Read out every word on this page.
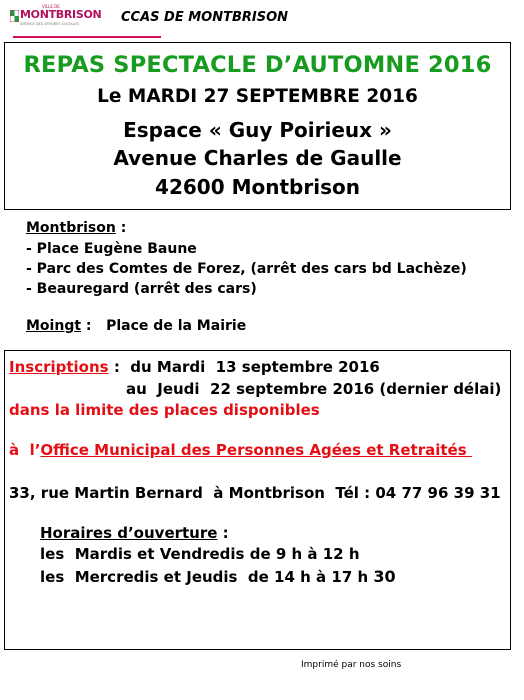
VILLE DE
MONTBRISON
SERVICE DES AFFAIRES SOCIALES	CCAS DE MONTBRISON
REPAS SPECTACLE D’AUTOMNE 2016
Le MARDI 27 SEPTEMBRE 2016
Espace « Guy Poirieux »
Avenue Charles de Gaulle
42600 Montbrison
Montbrison :
- Place Eugène Baune
- Parc des Comtes de Forez, (arrêt des cars bd Lachèze)
- Beauregard (arrêt des cars)
Moingt :   Place de la Mairie
Inscriptions :  du Mardi  13 septembre 2016
au  Jeudi  22 septembre 2016 (dernier délai)
dans la limite des places disponibles
à  l’Office Municipal des Personnes Agées et Retraités
33, rue Martin Bernard  à Montbrison  Tél : 04 77 96 39 31
Horaires d’ouverture :
les  Mardis et Vendredis de 9 h à 12 h
les  Mercredis et Jeudis  de 14 h à 17 h 30
Imprimé par nos soins
